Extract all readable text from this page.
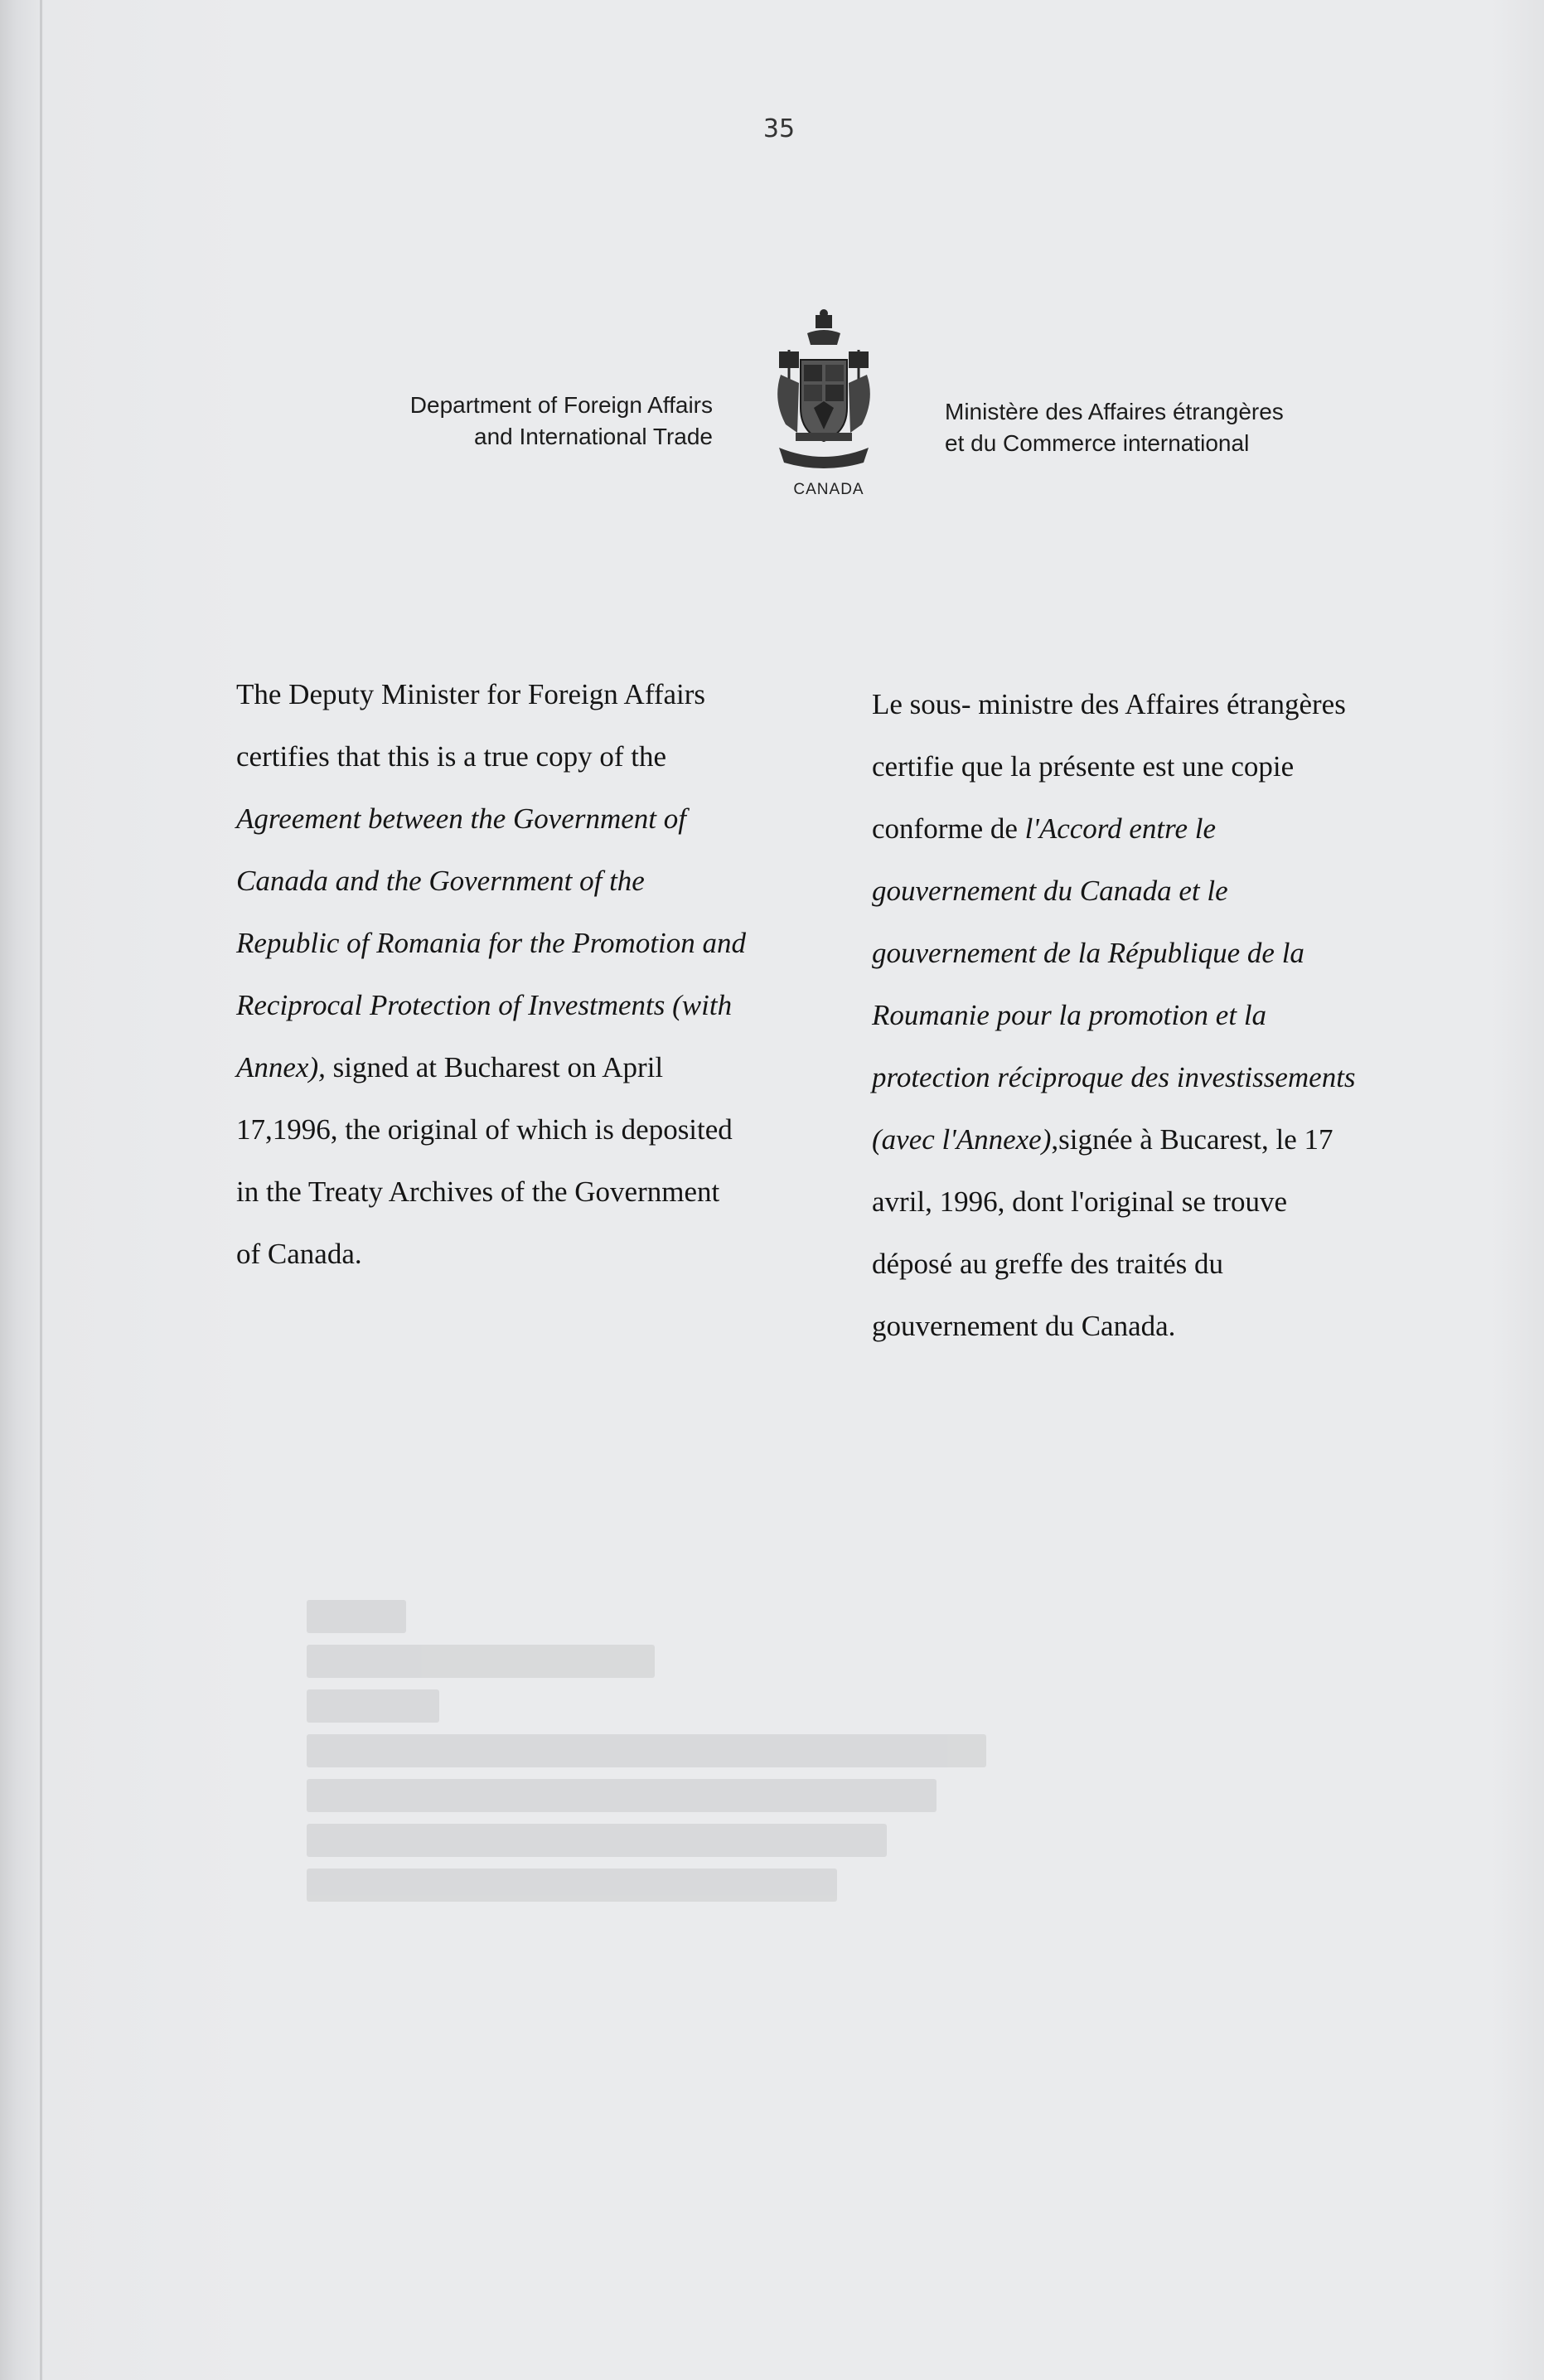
35
Department of Foreign Affairs
and International Trade
CANADA
Ministère des Affaires étrangères
et du Commerce international
The Deputy Minister for Foreign Affairs
certifies that this is a true copy of the
Agreement between the Government of
Canada and the Government of the
Republic of Romania for the Promotion and
Reciprocal Protection of Investments (with
Annex), signed at Bucharest on April
17,1996, the original of which is deposited
in the Treaty Archives of the Government
of Canada.
Le sous- ministre des Affaires étrangères
certifie que la présente est une copie
conforme de l'Accord entre le
gouvernement du Canada et le
gouvernement de la République de la
Roumanie pour la promotion et la
protection réciproque des investissements
(avec l'Annexe),signée à Bucarest, le 17
avril, 1996, dont l'original se trouve
déposé au greffe des traités du
gouvernement du Canada.
